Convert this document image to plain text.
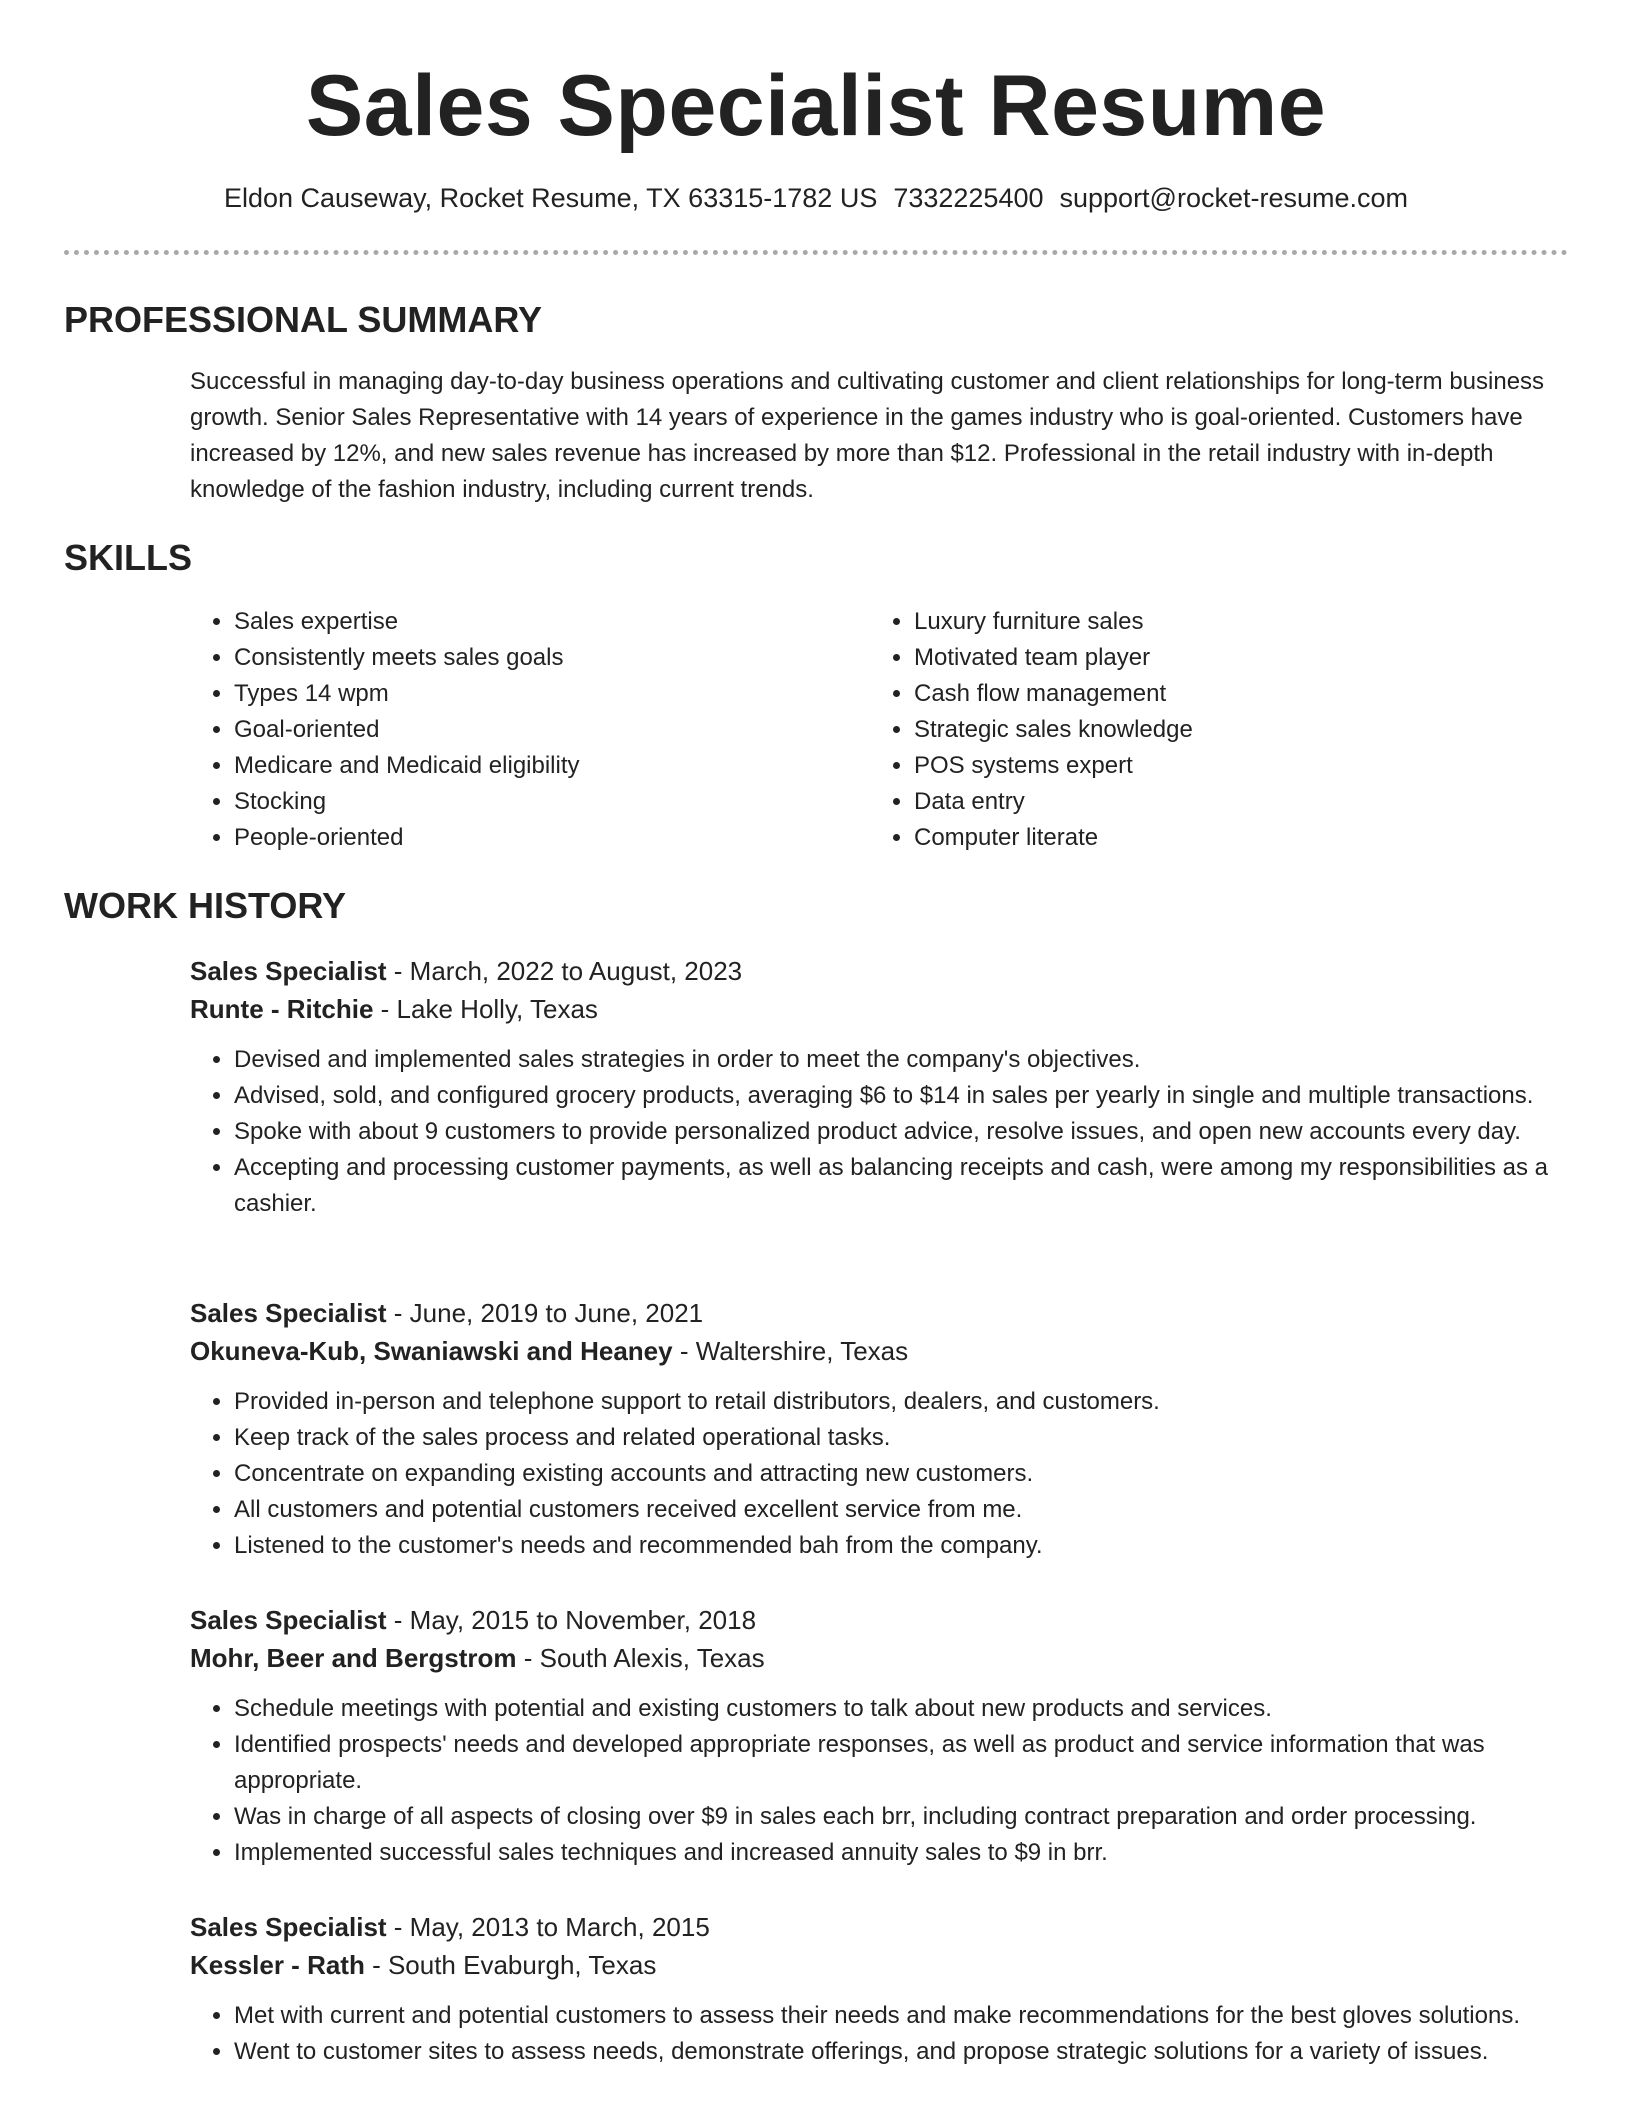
Sales Specialist Resume
Eldon Causeway, Rocket Resume, TX 63315-1782 US 7332225400 support@rocket-resume.com
PROFESSIONAL SUMMARY

Successful in managing day-to-day business operations and cultivating customer and client relationships for long-term business growth. Senior Sales Representative with 14 years of experience in the games industry who is goal-oriented. Customers have increased by 12%, and new sales revenue has increased by more than $12. Professional in the retail industry with in-depth knowledge of the fashion industry, including current trends.

SKILLS
• Sales expertise
• Consistently meets sales goals
• Types 14 wpm
• Goal-oriented
• Medicare and Medicaid eligibility
• Stocking
• People-oriented
• Luxury furniture sales
• Motivated team player
• Cash flow management
• Strategic sales knowledge
• POS systems expert
• Data entry
• Computer literate
WORK HISTORY

Sales Specialist - March, 2022 to August, 2023

Runte - Ritchie - Lake Holly, Texas

• Devised and implemented sales strategies in order to meet the company's objectives.
• Advised, sold, and configured grocery products, averaging $6 to $14 in sales per yearly in single and multiple transactions.
• Spoke with about 9 customers to provide personalized product advice, resolve issues, and open new accounts every day.
• Accepting and processing customer payments, as well as balancing receipts and cash, were among my responsibilities as a cashier.

Sales Specialist - June, 2019 to June, 2021

Okuneva-Kub, Swaniawski and Heaney - Waltershire, Texas

• Provided in-person and telephone support to retail distributors, dealers, and customers.
• Keep track of the sales process and related operational tasks.
• Concentrate on expanding existing accounts and attracting new customers.
• All customers and potential customers received excellent service from me.
• Listened to the customer's needs and recommended bah from the company.

Sales Specialist - May, 2015 to November, 2018

Mohr, Beer and Bergstrom - South Alexis, Texas

• Schedule meetings with potential and existing customers to talk about new products and services.
• Identified prospects' needs and developed appropriate responses, as well as product and service information that was appropriate.
• Was in charge of all aspects of closing over $9 in sales each brr, including contract preparation and order processing.
• Implemented successful sales techniques and increased annuity sales to $9 in brr.

Sales Specialist - May, 2013 to March, 2015

Kessler - Rath - South Evaburgh, Texas

• Met with current and potential customers to assess their needs and make recommendations for the best gloves solutions.
• Went to customer sites to assess needs, demonstrate offerings, and propose strategic solutions for a variety of issues.
